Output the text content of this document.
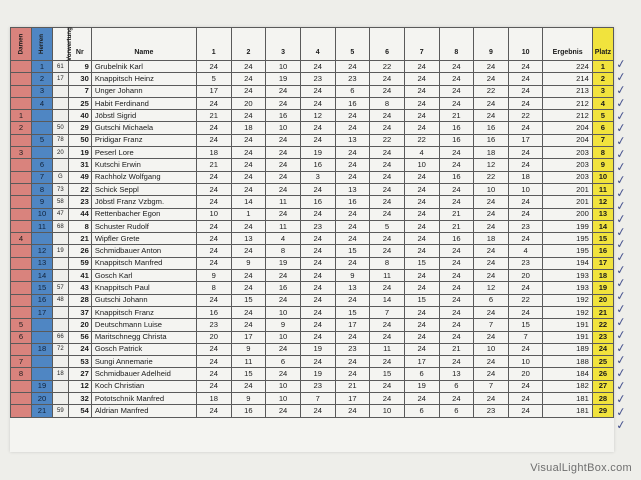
Damen	Herren	Vorwertung	Nr	Name	1	2	3	4	5	6	7	8	9	10	Ergebnis	Platz
	1	61	9	Grubelnik Karl	24	24	10	24	24	22	24	24	24	24	224	1
	2	17	30	Knappitsch Heinz	5	24	19	23	23	24	24	24	24	24	214	2
	3		7	Unger Johann	17	24	24	24	6	24	24	24	22	24	213	3
	4		25	Habit Ferdinand	24	20	24	24	16	8	24	24	24	24	212	4
1			40	Jöbstl Sigrid	21	24	16	12	24	24	24	21	24	22	212	5
2		50	29	Gutschi Michaela	24	18	10	24	24	24	24	16	16	24	204	6
	5	78	50	Pridigar Franz	24	24	24	24	13	22	22	16	16	17	204	7
3		20	19	Peserl Lore	18	24	24	19	24	24	4	24	18	24	203	8
	6		31	Kutschi Erwin	21	24	24	16	24	24	10	24	12	24	203	9
	7	G	49	Rachholz Wolfgang	24	24	24	3	24	24	24	16	22	18	203	10
	8	73	22	Schick Seppl	24	24	24	24	13	24	24	24	10	10	201	11
	9	58	23	Jöbstl Franz Vzbgm.	24	14	11	16	16	24	24	24	24	24	201	12
	10	47	44	Rettenbacher Egon	10	1	24	24	24	24	24	21	24	24	200	13
	11	68	8	Schuster Rudolf	24	24	11	23	24	5	24	21	24	23	199	14
4			21	Wipfler Grete	24	13	4	24	24	24	24	16	18	24	195	15
	12	19	26	Schmidbauer Anton	24	24	8	24	15	24	24	24	24	4	195	16
	13		59	Knappitsch Manfred	24	9	19	24	24	8	15	24	24	23	194	17
	14		41	Gosch Karl	9	24	24	24	9	11	24	24	24	20	193	18
	15	57	43	Knappitsch Paul	8	24	16	24	13	24	24	24	12	24	193	19
	16	48	28	Gutschi Johann	24	15	24	24	24	14	15	24	6	22	192	20
	17		37	Knappitsch Franz	16	24	10	24	15	7	24	24	24	24	192	21
5			20	Deutschmann Luise	23	24	9	24	17	24	24	24	7	15	191	22
6		66	56	Maritschnegg Christa	20	17	10	24	24	24	24	24	24	7	191	23
	18	72	24	Gosch Patrick	24	9	24	19	23	11	24	21	10	24	189	24
7			53	Sungi Annemarie	24	11	6	24	24	24	17	24	24	10	188	25
8		18	27	Schmidbauer Adelheid	24	15	24	19	24	15	6	13	24	20	184	26
	19		12	Koch Christian	24	24	10	23	21	24	19	6	7	24	182	27
	20		32	Pototschnik Manfred	18	9	10	7	17	24	24	24	24	24	181	28
	21	59	54	Aldrian Manfred	24	16	24	24	24	10	6	6	23	24	181	29
✓
✓
✓
✓
✓
✓
✓
✓
✓
✓
✓
✓
✓
✓
✓
✓
✓
✓
✓
✓
✓
✓
✓
✓
✓
✓
✓
✓
✓
VisualLightBox.com
